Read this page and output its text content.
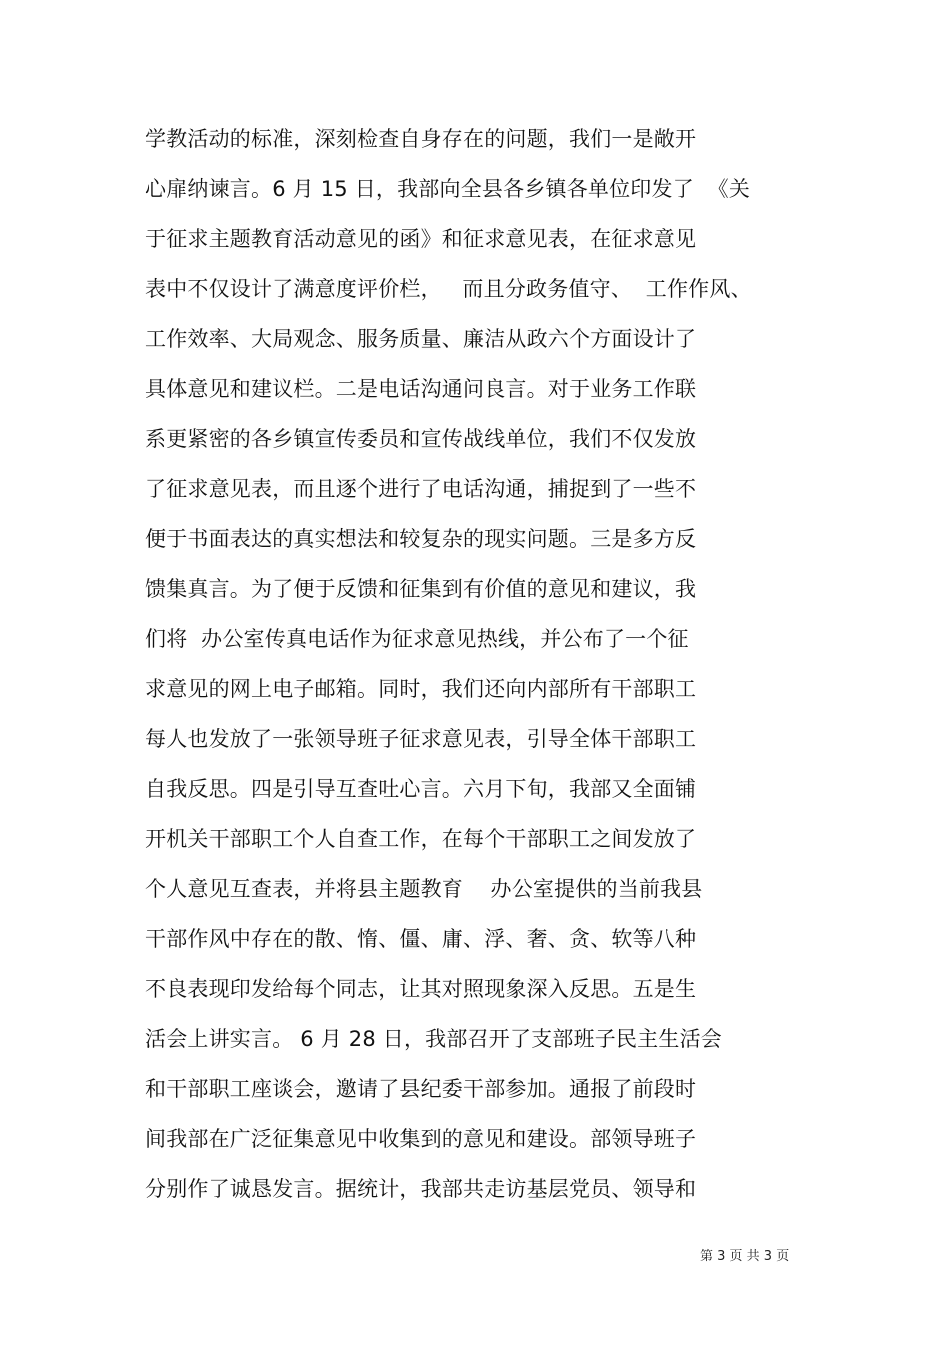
学教活动的标准，深刻检查自身存在的问题，我们一是敞开
心扉纳谏言。6 月 15 日，我部向全县各乡镇各单位印发了  《关
于征求主题教育活动意见的函》和征求意见表，在征求意见
表中不仅设计了满意度评价栏，   而且分政务值守、  工作作风、
工作效率、大局观念、服务质量、廉洁从政六个方面设计了
具体意见和建议栏。二是电话沟通问良言。对于业务工作联
系更紧密的各乡镇宣传委员和宣传战线单位，我们不仅发放
了征求意见表，而且逐个进行了电话沟通，捕捉到了一些不
便于书面表达的真实想法和较复杂的现实问题。三是多方反
馈集真言。为了便于反馈和征集到有价值的意见和建议，我
们将  办公室传真电话作为征求意见热线，并公布了一个征
求意见的网上电子邮箱。同时，我们还向内部所有干部职工
每人也发放了一张领导班子征求意见表，引导全体干部职工
自我反思。四是引导互查吐心言。六月下旬，我部又全面铺
开机关干部职工个人自查工作，在每个干部职工之间发放了
个人意见互查表，并将县主题教育    办公室提供的当前我县
干部作风中存在的散、惰、僵、庸、浮、奢、贪、软等八种
不良表现印发给每个同志，让其对照现象深入反思。五是生
活会上讲实言。 6 月 28 日，我部召开了支部班子民主生活会
和干部职工座谈会，邀请了县纪委干部参加。通报了前段时
间我部在广泛征集意见中收集到的意见和建设。部领导班子
分别作了诚恳发言。据统计，我部共走访基层党员、领导和
第 3 页 共 3 页
